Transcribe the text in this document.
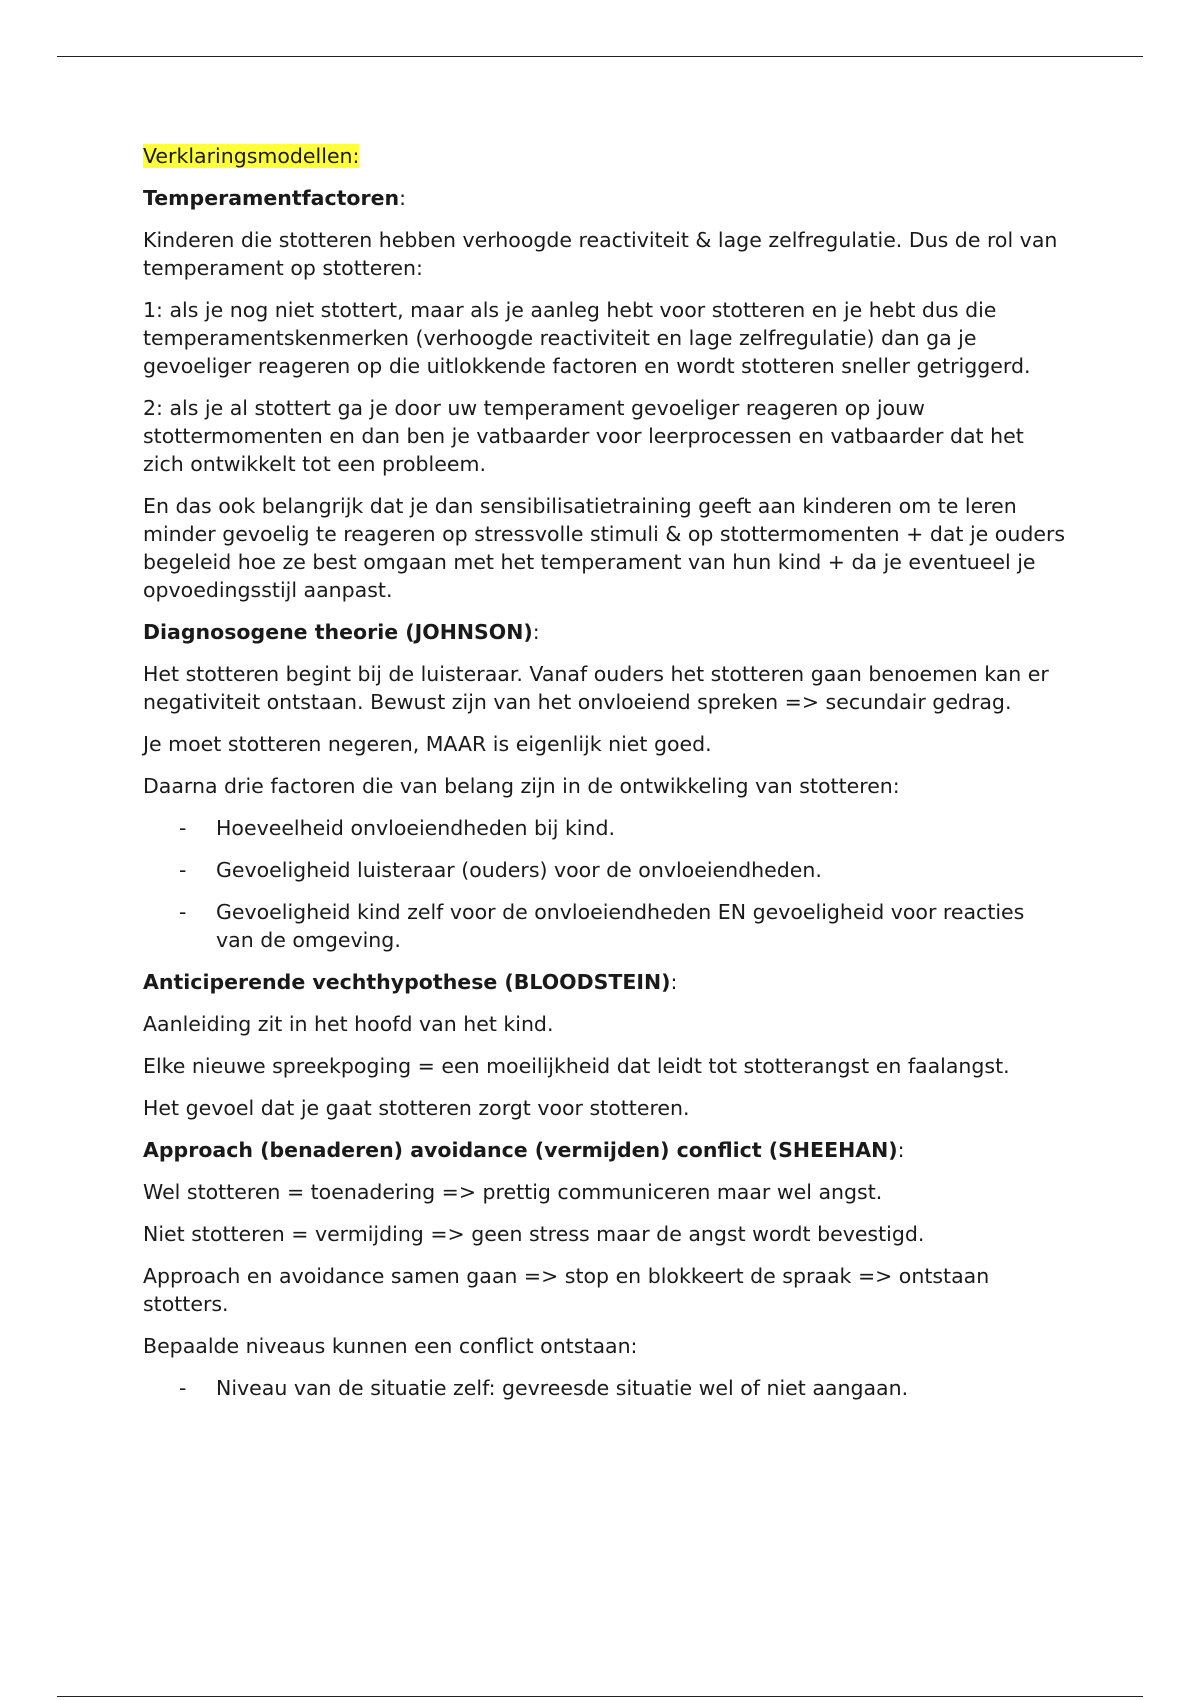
Verklaringsmodellen:

Temperamentfactoren:

Kinderen die stotteren hebben verhoogde reactiviteit & lage zelfregulatie. Dus de rol van temperament op stotteren:

1: als je nog niet stottert, maar als je aanleg hebt voor stotteren en je hebt dus die temperamentskenmerken (verhoogde reactiviteit en lage zelfregulatie) dan ga je gevoeliger reageren op die uitlokkende factoren en wordt stotteren sneller getriggerd.

2: als je al stottert ga je door uw temperament gevoeliger reageren op jouw stottermomenten en dan ben je vatbaarder voor leerprocessen en vatbaarder dat het zich ontwikkelt tot een probleem.

En das ook belangrijk dat je dan sensibilisatietraining geeft aan kinderen om te leren minder gevoelig te reageren op stressvolle stimuli & op stottermomenten + dat je ouders begeleid hoe ze best omgaan met het temperament van hun kind + da je eventueel je opvoedingsstijl aanpast.

Diagnosogene theorie (JOHNSON):

Het stotteren begint bij de luisteraar. Vanaf ouders het stotteren gaan benoemen kan er negativiteit ontstaan. Bewust zijn van het onvloeiend spreken => secundair gedrag.

Je moet stotteren negeren, MAAR is eigenlijk niet goed.

Daarna drie factoren die van belang zijn in de ontwikkeling van stotteren:

- Hoeveelheid onvloeiendheden bij kind.
- Gevoeligheid luisteraar (ouders) voor de onvloeiendheden.
- Gevoeligheid kind zelf voor de onvloeiendheden EN gevoeligheid voor reacties van de omgeving.

Anticiperende vechthypothese (BLOODSTEIN):

Aanleiding zit in het hoofd van het kind.

Elke nieuwe spreekpoging = een moeilijkheid dat leidt tot stotterangst en faalangst.

Het gevoel dat je gaat stotteren zorgt voor stotteren.

Approach (benaderen) avoidance (vermijden) conflict (SHEEHAN):

Wel stotteren = toenadering => prettig communiceren maar wel angst.

Niet stotteren = vermijding => geen stress maar de angst wordt bevestigd.

Approach en avoidance samen gaan => stop en blokkeert de spraak => ontstaan stotters.

Bepaalde niveaus kunnen een conflict ontstaan:

- Niveau van de situatie zelf: gevreesde situatie wel of niet aangaan.
